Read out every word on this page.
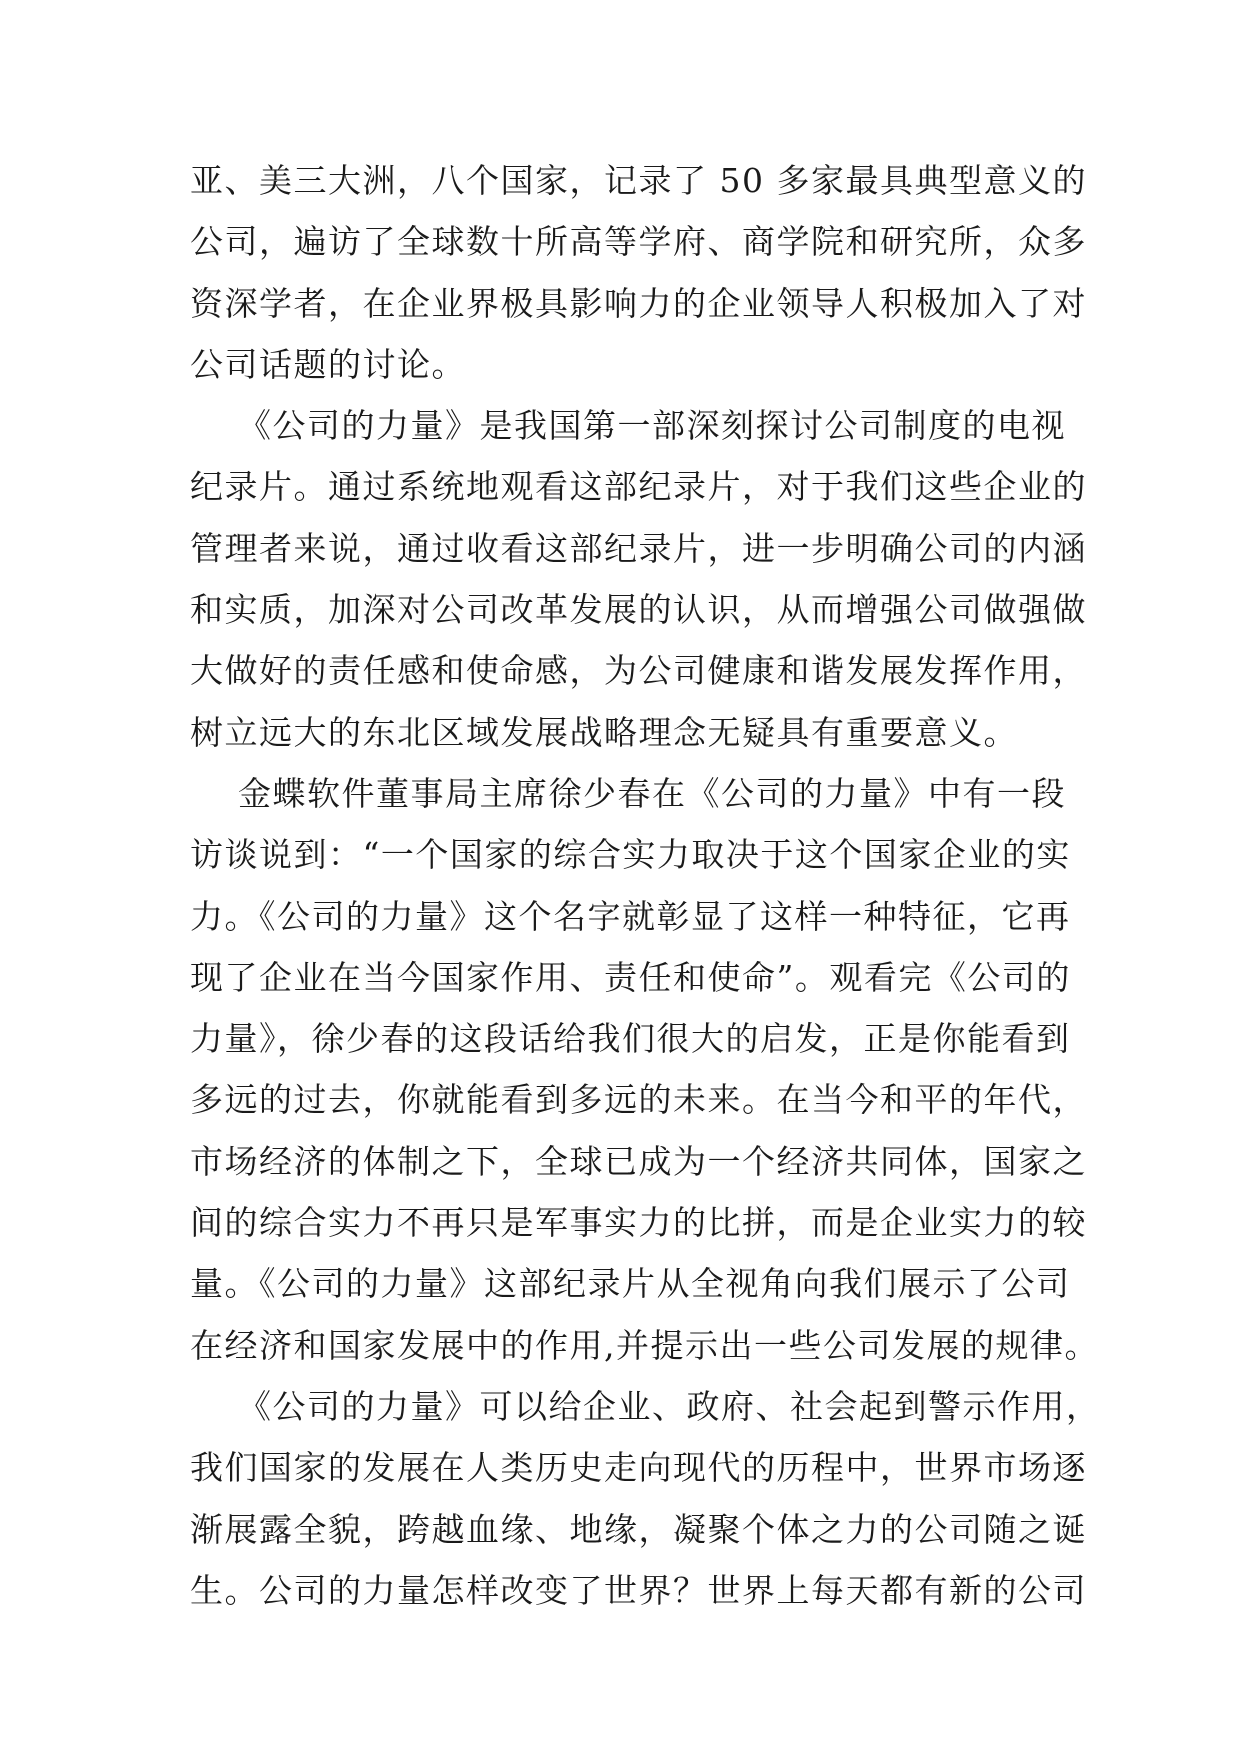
亚、美三大洲，八个国家，记录了 50 多家最具典型意义的
公司，遍访了全球数十所高等学府、商学院和研究所，众多
资深学者，在企业界极具影响力的企业领导人积极加入了对
公司话题的讨论。
《公司的力量》是我国第一部深刻探讨公司制度的电视
纪录片。通过系统地观看这部纪录片，对于我们这些企业的
管理者来说，通过收看这部纪录片，进一步明确公司的内涵
和实质，加深对公司改革发展的认识，从而增强公司做强做
大做好的责任感和使命感，为公司健康和谐发展发挥作用，
树立远大的东北区域发展战略理念无疑具有重要意义。
金蝶软件董事局主席徐少春在《公司的力量》中有一段
访谈说到：“一个国家的综合实力取决于这个国家企业的实
力。《公司的力量》这个名字就彰显了这样一种特征，它再
现了企业在当今国家作用、责任和使命”。观看完《公司的
力量》，徐少春的这段话给我们很大的启发，正是你能看到
多远的过去，你就能看到多远的未来。在当今和平的年代，
市场经济的体制之下，全球已成为一个经济共同体，国家之
间的综合实力不再只是军事实力的比拼，而是企业实力的较
量。《公司的力量》这部纪录片从全视角向我们展示了公司
在经济和国家发展中的作用,并提示出一些公司发展的规律。
《公司的力量》可以给企业、政府、社会起到警示作用，
我们国家的发展在人类历史走向现代的历程中，世界市场逐
渐展露全貌，跨越血缘、地缘，凝聚个体之力的公司随之诞
生。公司的力量怎样改变了世界？世界上每天都有新的公司
